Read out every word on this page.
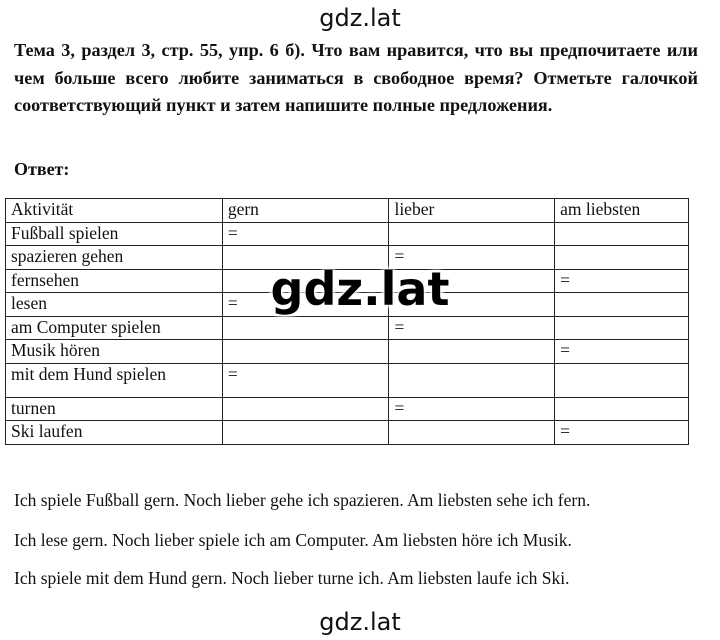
gdz.lat

Тема 3, раздел 3, стр. 55, упр. 6 б). Что вам нравится, что вы предпочитаете или чем больше всего любите заниматься в свободное время? Отметьте галочкой соответствующий пункт и затем напишите полные предложения.

Ответ:

Aktivität	gern	lieber	am liebsten
Fußball spielen	=		
spazieren gehen		=	
fernsehen			=
lesen	=		
am Computer spielen		=	
Musik hören			=
mit dem Hund spielen	=		
turnen		=	
Ski laufen			=
gdz.lat

Ich spiele Fußball gern. Noch lieber gehe ich spazieren. Am liebsten sehe ich fern.

Ich lese gern. Noch lieber spiele ich am Computer. Am liebsten höre ich Musik.

Ich spiele mit dem Hund gern. Noch lieber turne ich. Am liebsten laufe ich Ski.

gdz.lat
